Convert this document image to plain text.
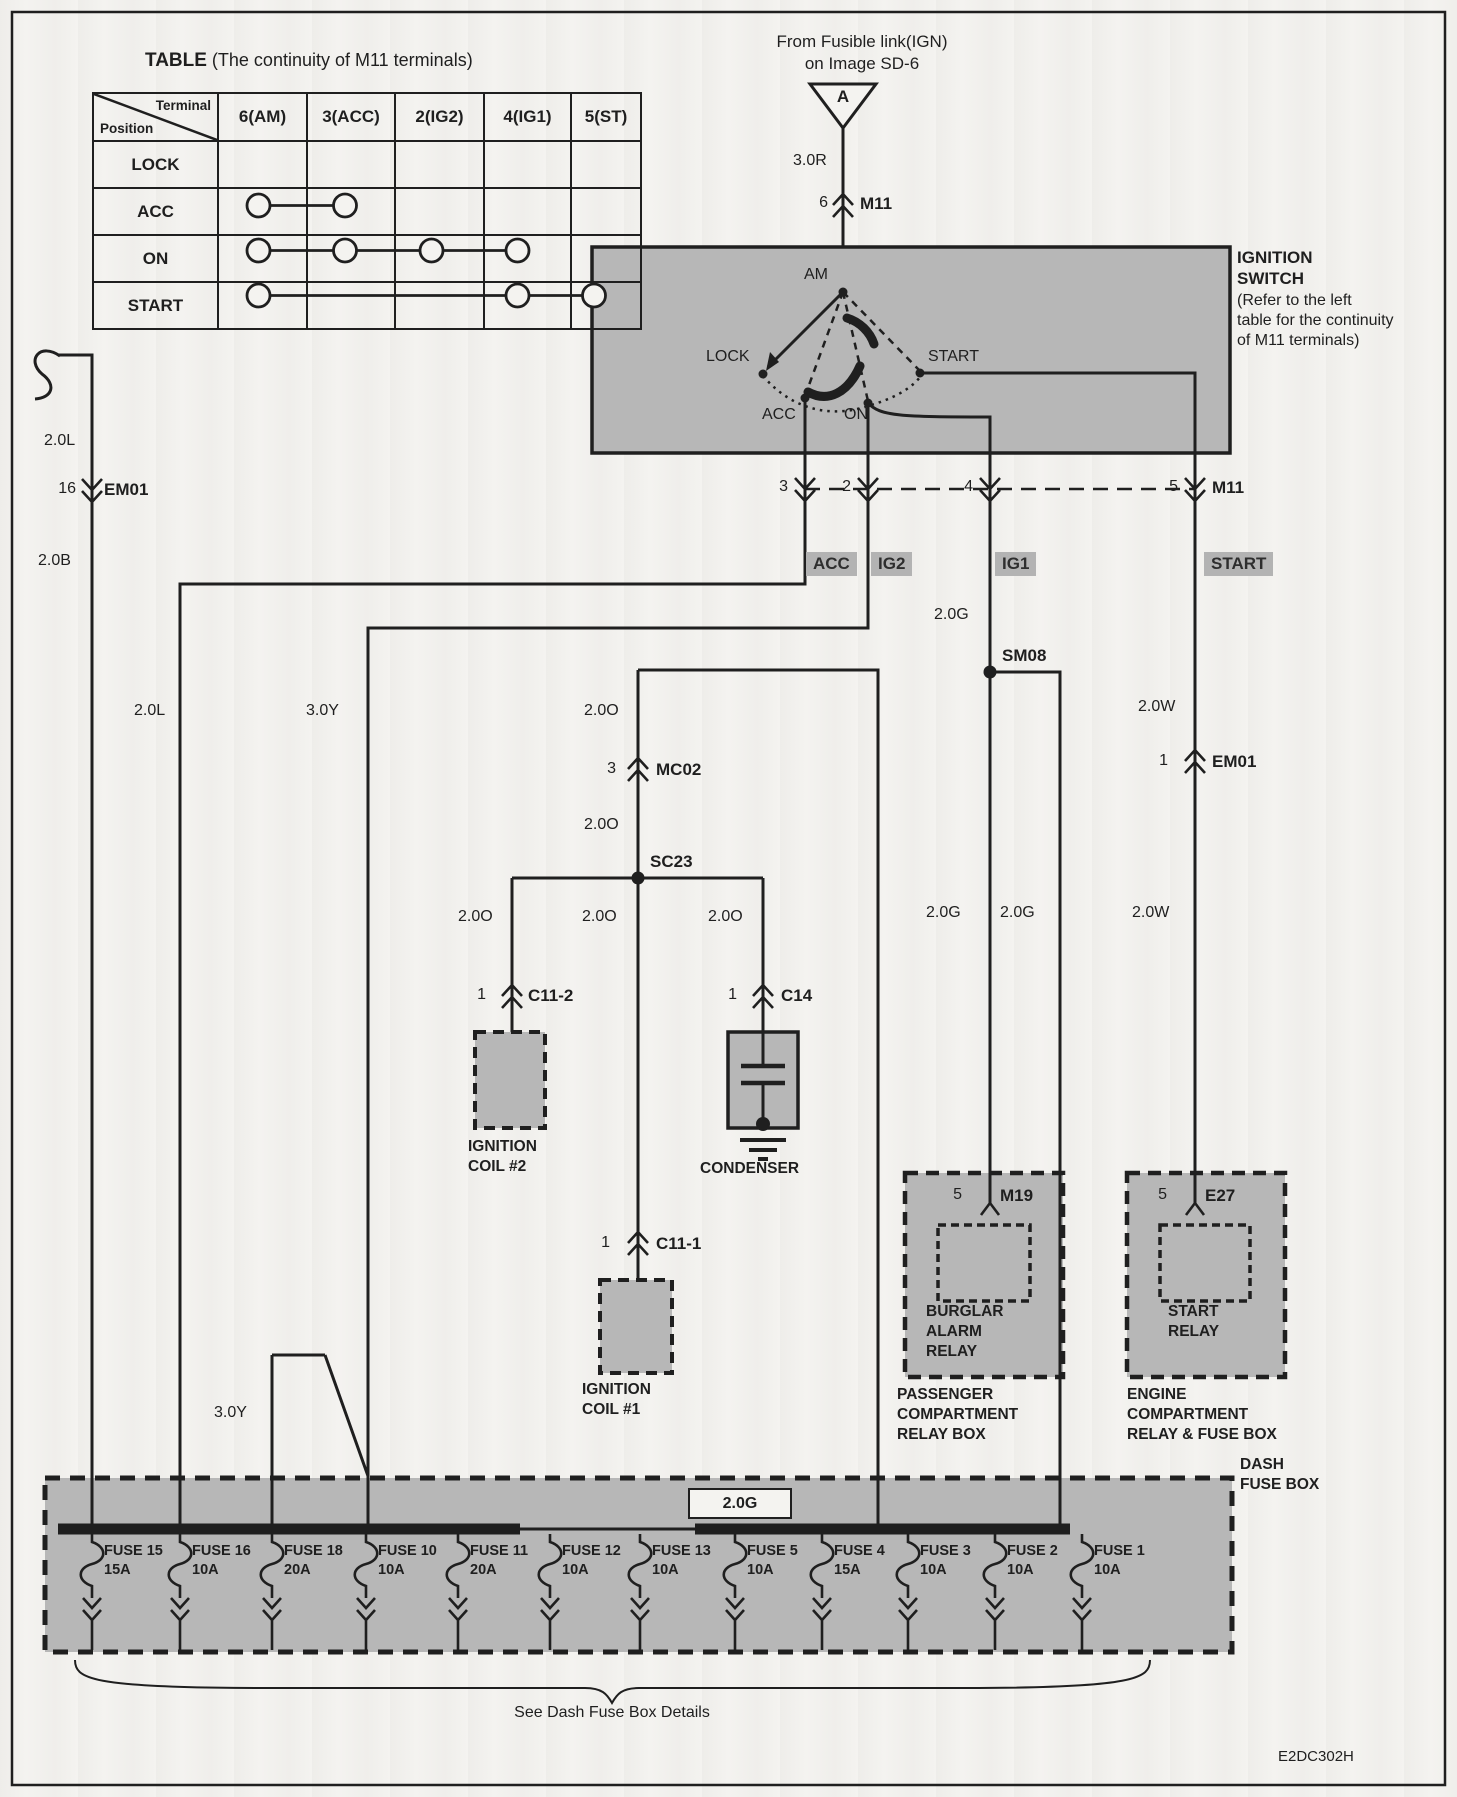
TABLE (The continuity of M11 terminals)
Terminal
Position	6(AM)	3(ACC)	2(IG2)	4(IG1)	5(ST)
LOCK					
ACC					
ON					
START					
From Fusible link(IGN)
on Image SD-6
A
3.0R
6 M11
AM
LOCK	START
ACC	ON
IGNITION
SWITCH
(Refer to the left
table for the continuity
of M11 terminals)
3	2	4	5 M11
ACC	IG2	IG1	START
2.0L
16 EM01
2.0B
2.0L	3.0Y	2.0O
2.0G
2.0W
SM08
3 MC02
2.0O
SC23
2.0O	2.0O	2.0O	2.0G 2.0G	2.0W
1 C11-2	1	C14
1	C11-1
1	EM01
5 M19	5 E27
IGNITION
COIL #2	CONDENSER
IGNITION
COIL #1
BURGLAR
ALARM
RELAY
PASSENGER
COMPARTMENT
RELAY BOX
START
RELAY
ENGINE
COMPARTMENT
RELAY & FUSE BOX
3.0Y
DASH
FUSE BOX
2.0G
FUSE 15
15A
FUSE 16
10A
FUSE 18
20A
FUSE 10
10A
FUSE 11
20A
FUSE 12
10A
FUSE 13
10A
FUSE 5
10A
FUSE 4
15A
FUSE 3
10A
FUSE 2
10A
FUSE 1
10A
See Dash Fuse Box Details
E2DC302H
